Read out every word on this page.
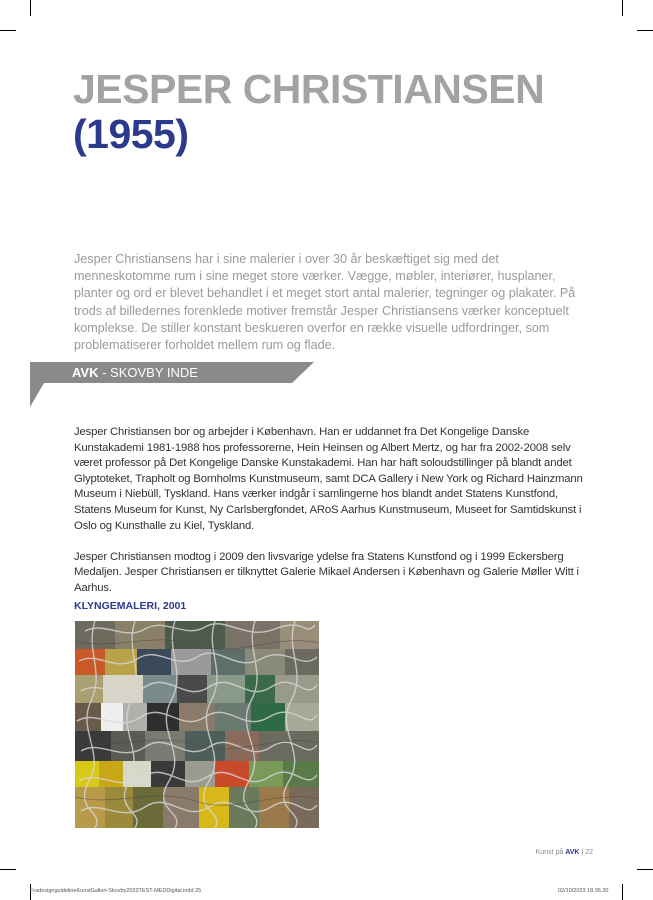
JESPER CHRISTIANSEN
(1955)
Jesper Christiansens har i sine malerier i over 30 år beskæftiget sig med det menneskotomme rum i sine meget store værker. Vægge, møbler, interiører, husplaner, planter og ord er blevet behandlet i et meget stort antal malerier, tegninger og plakater. På trods af billedernes forenklede motiver fremstår Jesper Christiansens værker konceptuelt komplekse. De stiller konstant beskueren overfor en række visuelle udfordringer, som problematiserer forholdet mellem rum og flade.
AVK - SKOVBY INDE

Jesper Christiansen bor og arbejder i København. Han er uddannet fra Det Kongelige Danske Kunstakademi 1981-1988 hos professorerne, Hein Heinsen og Albert Mertz, og har fra 2002-2008 selv været professor på Det Kongelige Danske Kunstakademi. Han har haft soloudstillinger på blandt andet Glyptoteket, Trapholt og Bornholms Kunstmuseum, samt DCA Gallery i New York og Richard Hainzmann Museum i Niebüll, Tyskland. Hans værker indgår i samlingerne hos blandt andet Statens Kunstfond, Statens Museum for Kunst, Ny Carlsbergfondet, ARoS Aarhus Kunstmuseum, Museet for Samtidskunst i Oslo og Kunsthalle zu Kiel, Tyskland.

Jesper Christiansen modtog i 2009 den livsvarige ydelse fra Statens Kunstfond og i 1999 Eckersberg Medaljen. Jesper Christiansen er tilknyttet Galerie Mikael Andersen i København og Galerie Møller Witt i Aarhus.

KLYNGEMALERI, 2001
Kunst på AVK | 22
FradesignguidelineKunstGalleri-Skovby2023TEST-MEDDigital.indd 25	02/10/2023 18.36.20
